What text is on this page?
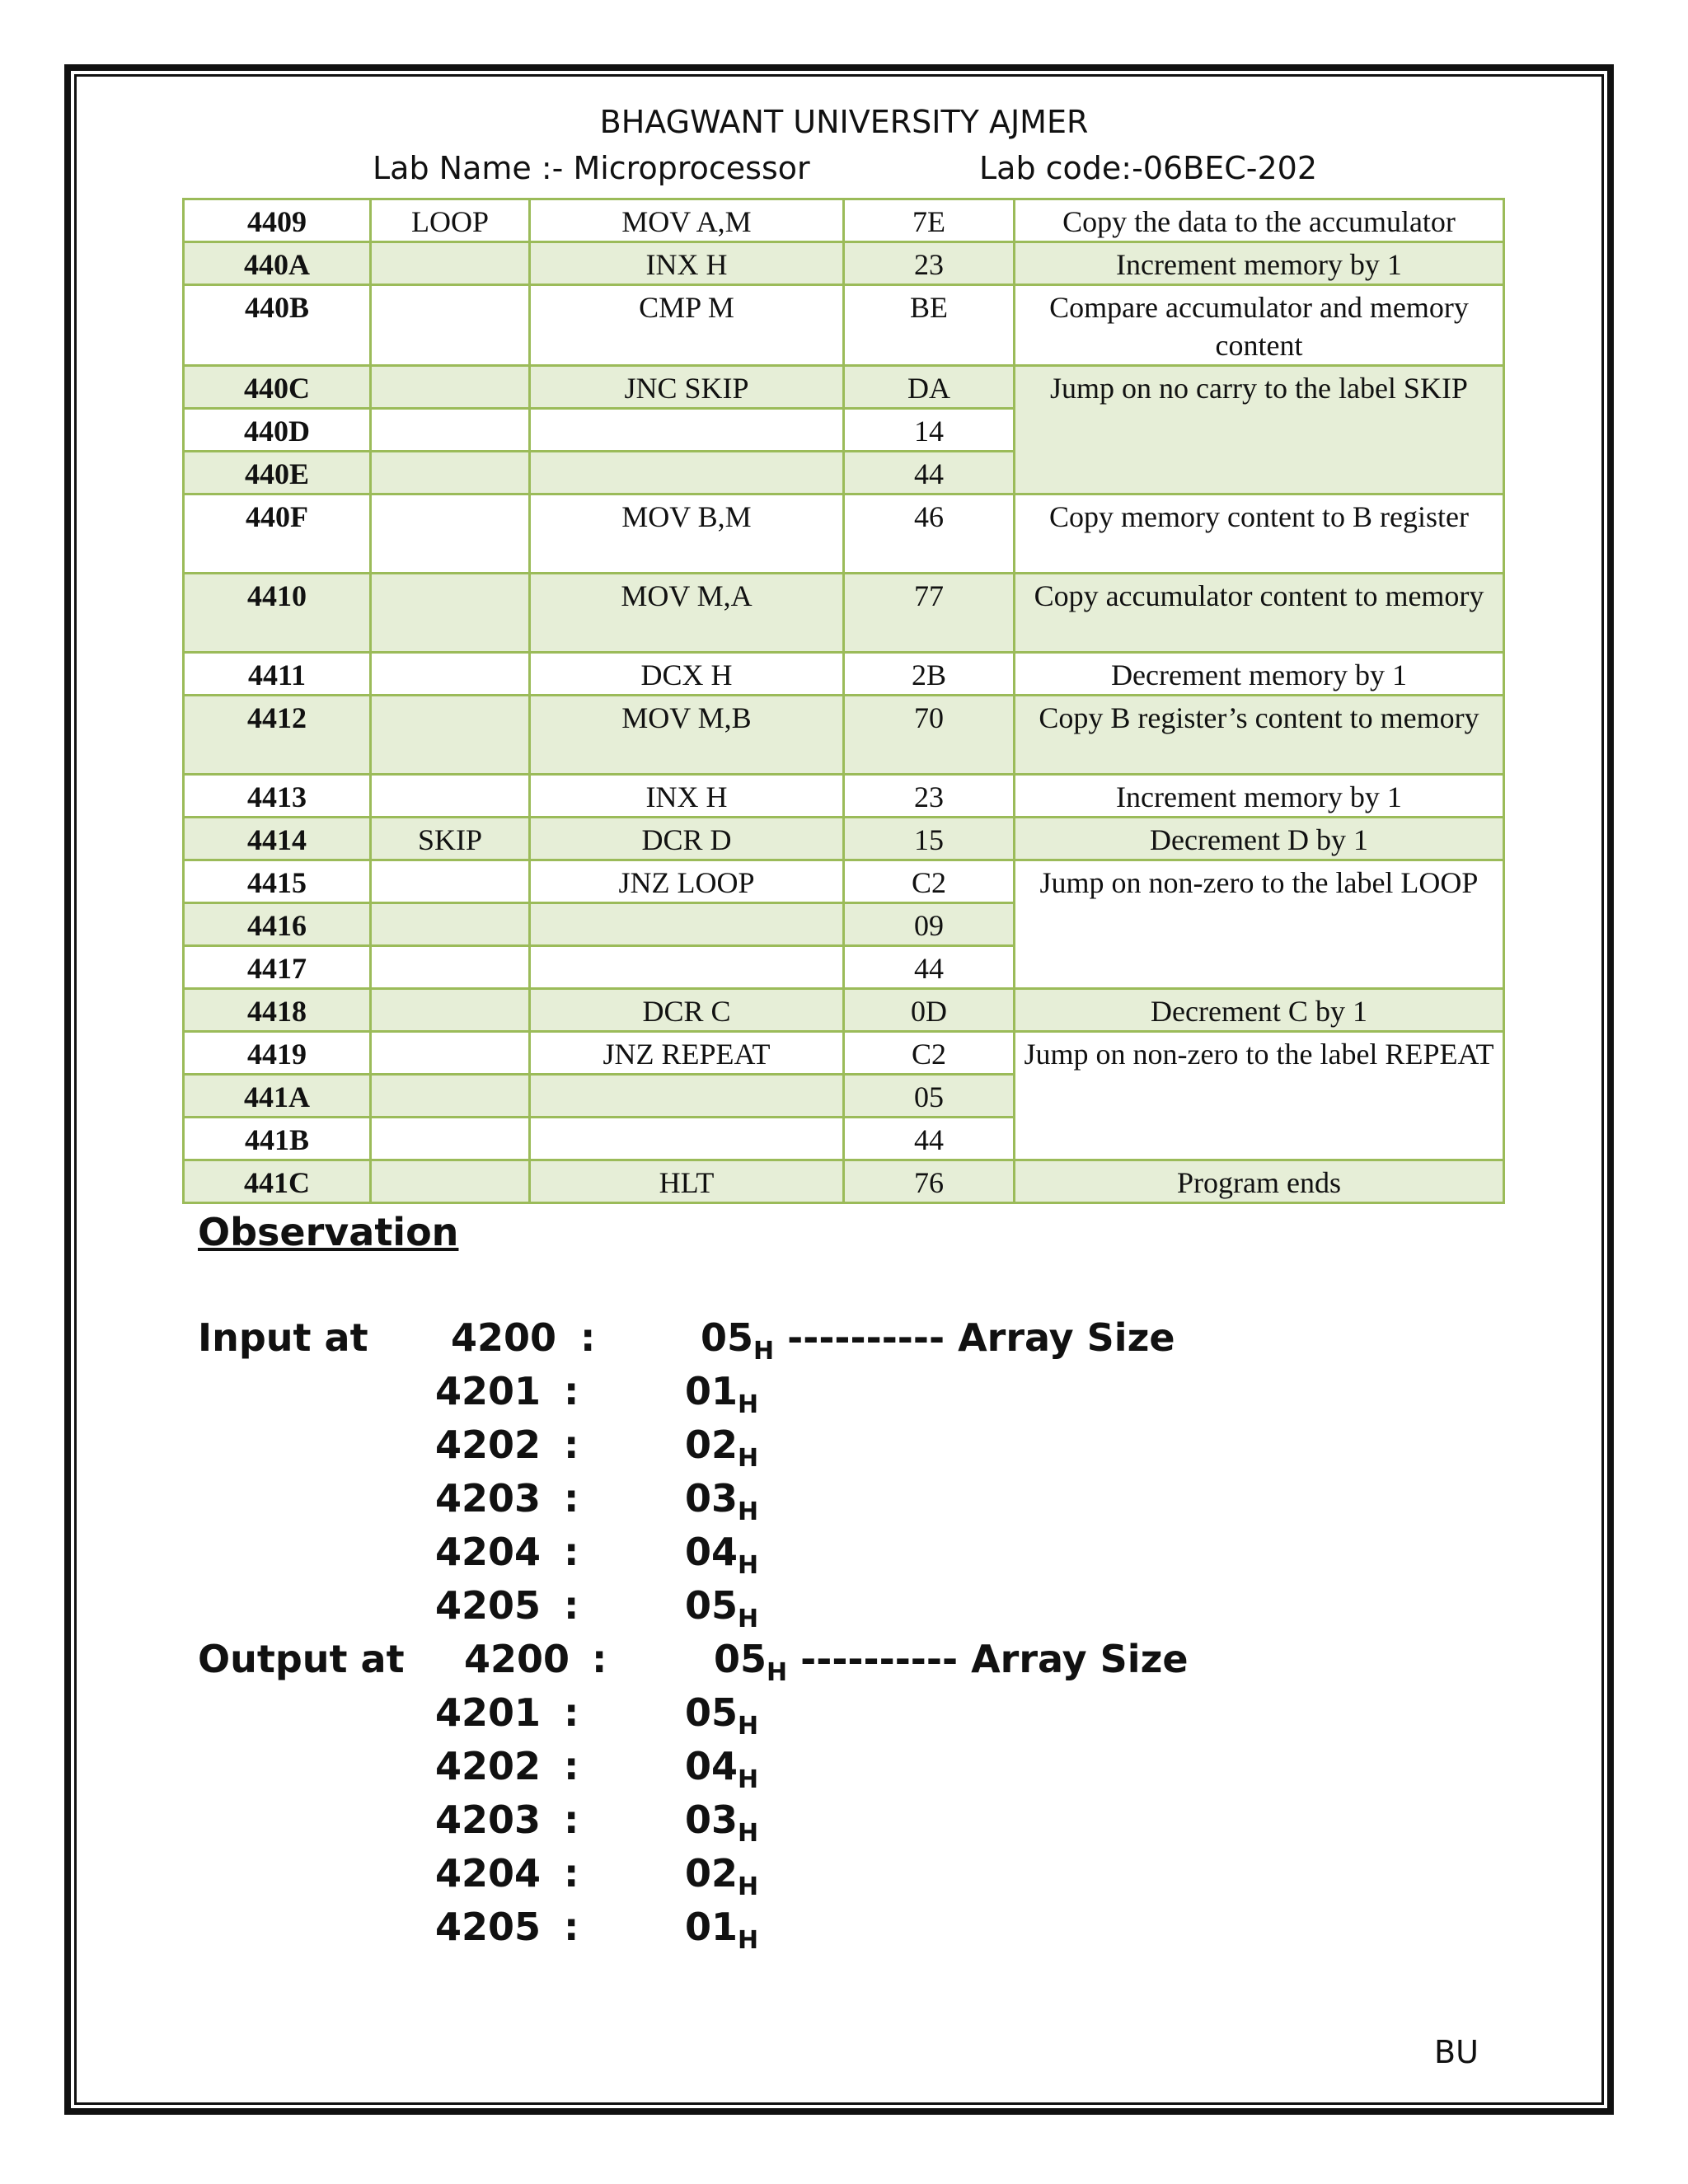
BHAGWANT UNIVERSITY AJMER
Lab Name :- Microprocessor	Lab code:-06BEC-202
4409	LOOP	MOV A,M	7E	Copy the data to the accumulator
440A		INX H	23	Increment memory by 1
440B		CMP M	BE	Compare accumulator and memory content
440C		JNC SKIP	DA	Jump on no carry to the label SKIP
440D			14	
440E			44	
440F		MOV B,M	46	Copy memory content to B register
4410		MOV M,A	77	Copy accumulator content to memory
4411		DCX H	2B	Decrement memory by 1
4412		MOV M,B	70	Copy B register’s content to memory
4413		INX H	23	Increment memory by 1
4414	SKIP	DCR D	15	Decrement D by 1
4415		JNZ LOOP	C2	Jump on non-zero to the label LOOP
4416			09	
4417			44	
4418		DCR C	0D	Decrement C by 1
4419		JNZ REPEAT	C2	Jump on non-zero to the label REPEAT
441A			05	
441B			44	
441C		HLT	76	Program ends
Observation
Input at 4200 :	$05_H$ ---------- Array Size
4201 :	$01_H$
4202 :	$02_H$
4203 :	$03_H$
4204 :	$04_H$
4205 :	$05_H$
Output at 4200 :	$05_H$ ---------- Array Size
4201 :	$05_H$
4202 :	$04_H$
4203 :	$03_H$
4204 :	$02_H$
4205 :	$01_H$
BU
